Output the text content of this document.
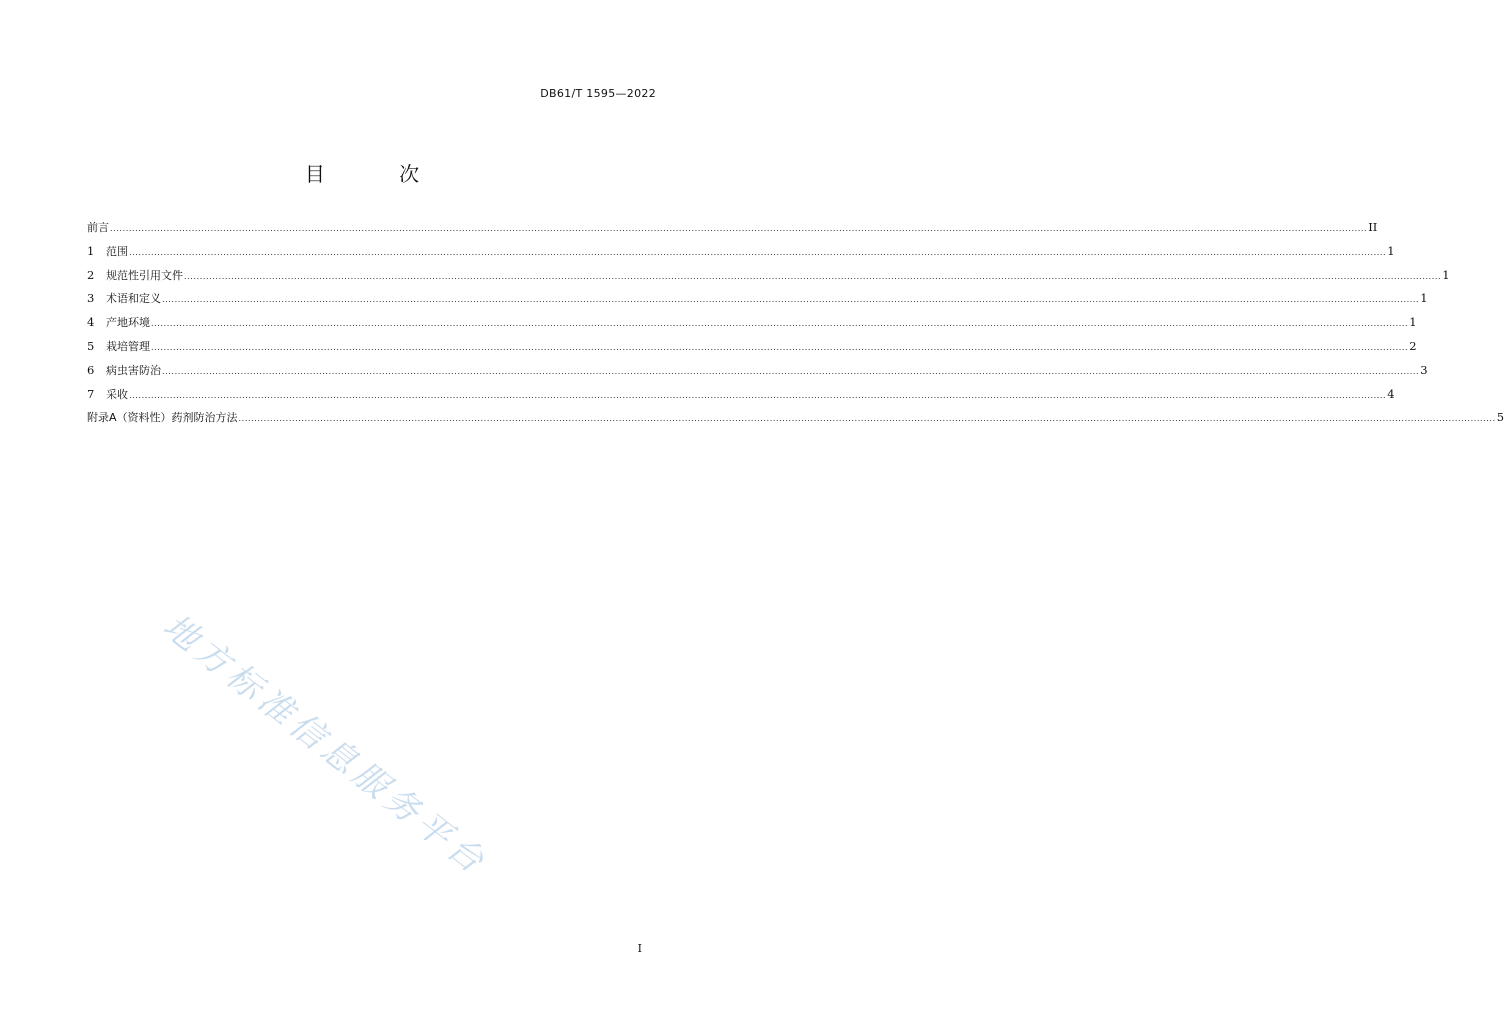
DB61/T 1595—2022
目 次
前言 ................................................................................................................................................................................................................................................................................................................................................................................................................ II
1	范围 ................................................................................................................................................................................................................................................................................................................................................................................................................ 1
2	规范性引用文件 ................................................................................................................................................................................................................................................................................................................................................................................................................ 1
3	术语和定义 ................................................................................................................................................................................................................................................................................................................................................................................................................ 1
4	产地环境 ................................................................................................................................................................................................................................................................................................................................................................................................................ 1
5	栽培管理 ................................................................................................................................................................................................................................................................................................................................................................................................................ 2
6	病虫害防治 ................................................................................................................................................................................................................................................................................................................................................................................................................ 3
7	采收 ................................................................................................................................................................................................................................................................................................................................................................................................................ 4
附录A（资料性）药剂防治方法 ................................................................................................................................................................................................................................................................................................................................................................................................................ 5
地方标准信息服务平台
I
